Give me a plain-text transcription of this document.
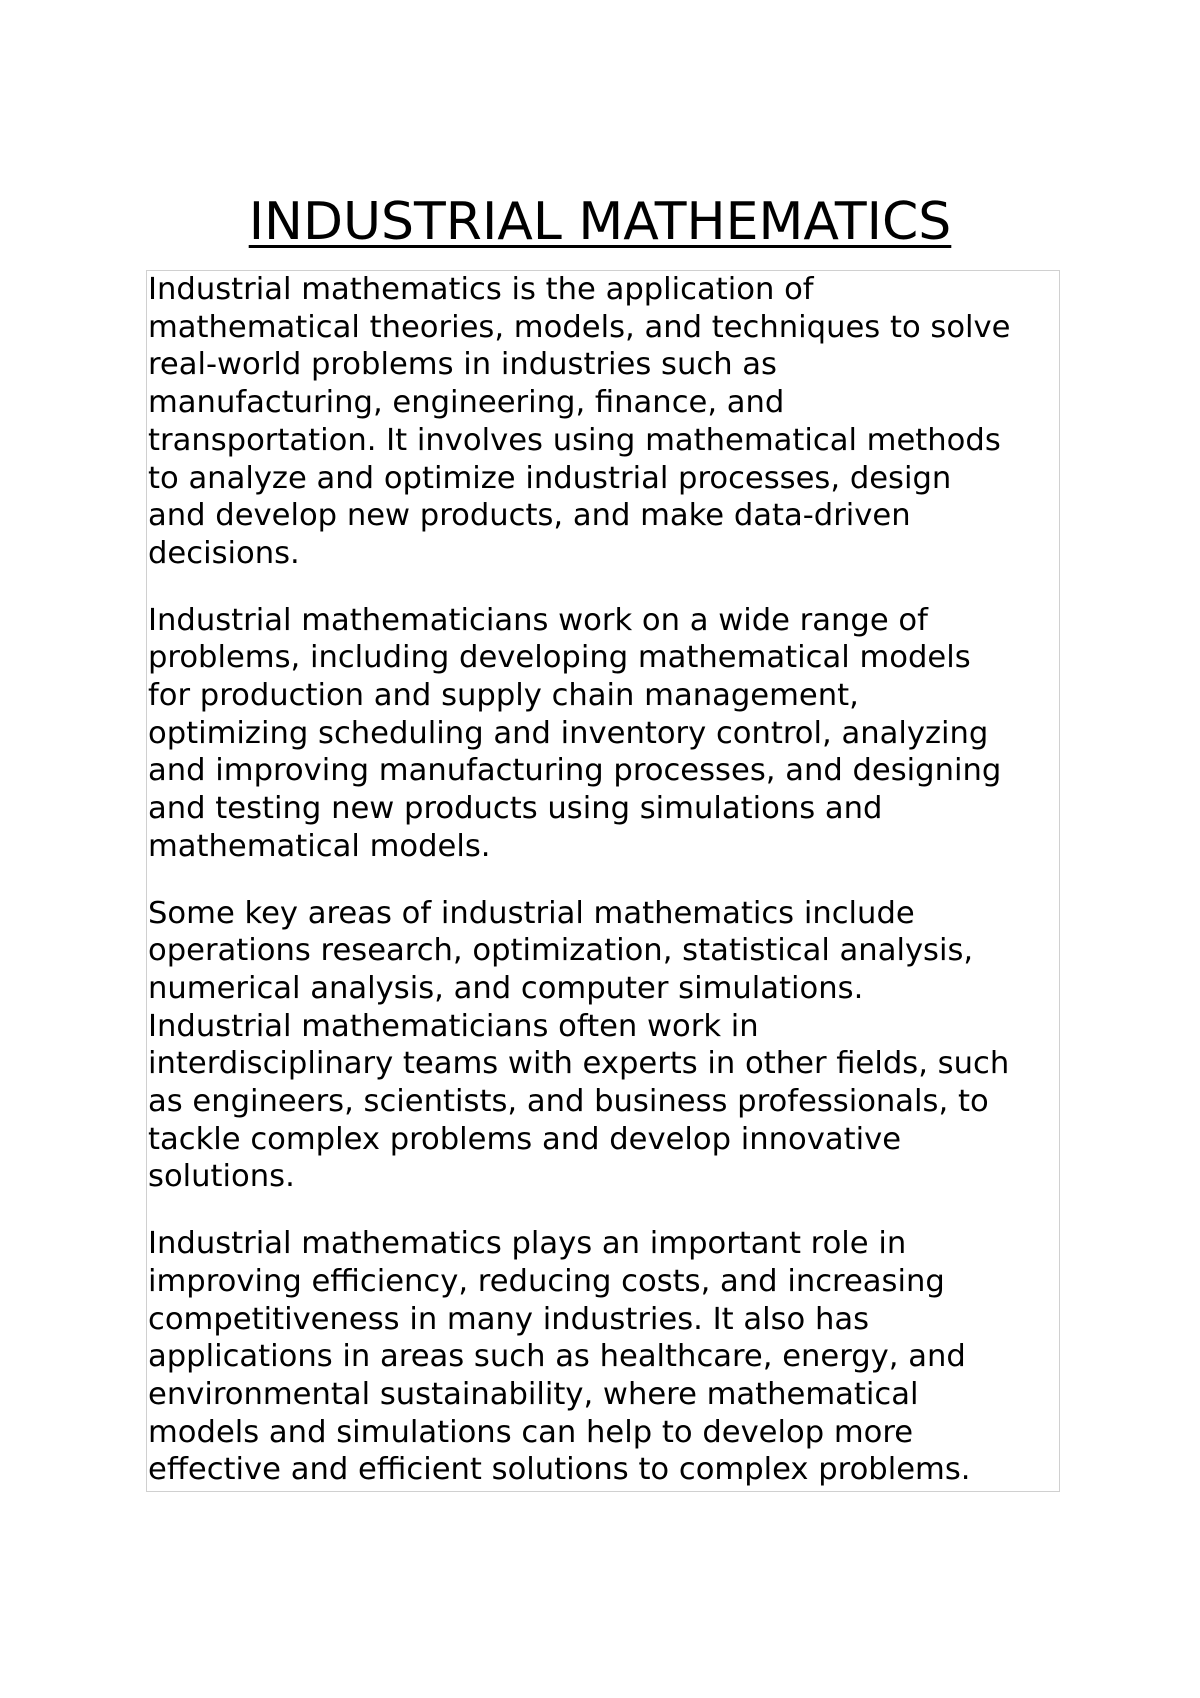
INDUSTRIAL MATHEMATICS

Industrial mathematics is the application of
mathematical theories, models, and techniques to solve
real-world problems in industries such as
manufacturing, engineering, finance, and
transportation. It involves using mathematical methods
to analyze and optimize industrial processes, design
and develop new products, and make data-driven
decisions.

Industrial mathematicians work on a wide range of
problems, including developing mathematical models
for production and supply chain management,
optimizing scheduling and inventory control, analyzing
and improving manufacturing processes, and designing
and testing new products using simulations and
mathematical models.

Some key areas of industrial mathematics include
operations research, optimization, statistical analysis,
numerical analysis, and computer simulations.
Industrial mathematicians often work in
interdisciplinary teams with experts in other fields, such
as engineers, scientists, and business professionals, to
tackle complex problems and develop innovative
solutions.

Industrial mathematics plays an important role in
improving efficiency, reducing costs, and increasing
competitiveness in many industries. It also has
applications in areas such as healthcare, energy, and
environmental sustainability, where mathematical
models and simulations can help to develop more
effective and efficient solutions to complex problems.
